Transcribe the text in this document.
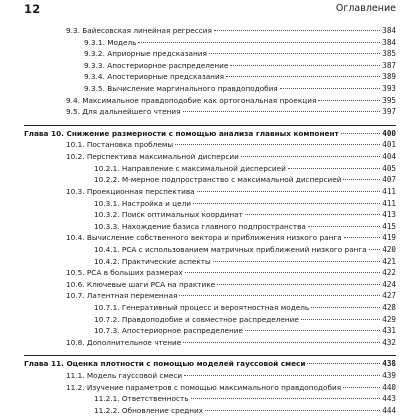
12	Оглавление
9.3. Байесовская линейная регрессия	384
9.3.1. Модель	384
9.3.2. Априорные предсказания	385
9.3.3. Апостериорное распределение	387
9.3.4. Апостериорные предсказания	389
9.3.5. Вычисление маргинального правдоподобия	393
9.4. Максимальное правдоподобие как ортогональная проекция	395
9.5. Для дальнейшего чтения	397
Глава 10. Снижение размерности с помощью анализа главных компонент	400
10.1. Постановка проблемы	401
10.2. Перспектива максимальной дисперсии	404
10.2.1. Направление с максимальной дисперсией	405
10.2.2. M-мерное подпространство с максимальной дисперсией	407
10.3. Проекционная перспектива	411
10.3.1. Настройка и цели	411
10.3.2. Поиск оптимальных координат	413
10.3.3. Нахождение базиса главного подпространства	415
10.4. Вычисление собственного вектора и приближения низкого ранга	419
10.4.1. PCA с использованием матричных приближений низкого ранга 420
10.4.2. Практические аспекты	421
10.5. PCA в больших размерах	422
10.6. Ключевые шаги PCA на практике	424
10.7. Латентная переменная	427
10.7.1. Генеративный процесс и вероятностная модель	428
10.7.2. Правдоподобие и совместное распределение	429
10.7.3. Апостериорное распределение	431
10.8. Дополнительное чтение	432
Глава 11. Оценка плотности с помощью моделей гауссовой смеси	438
11.1. Модель гауссовой смеси	439
11.2. Изучение параметров с помощью максимального правдоподобия	440
11.2.1. Ответственность	443
11.2.2. Обновление средних	444
